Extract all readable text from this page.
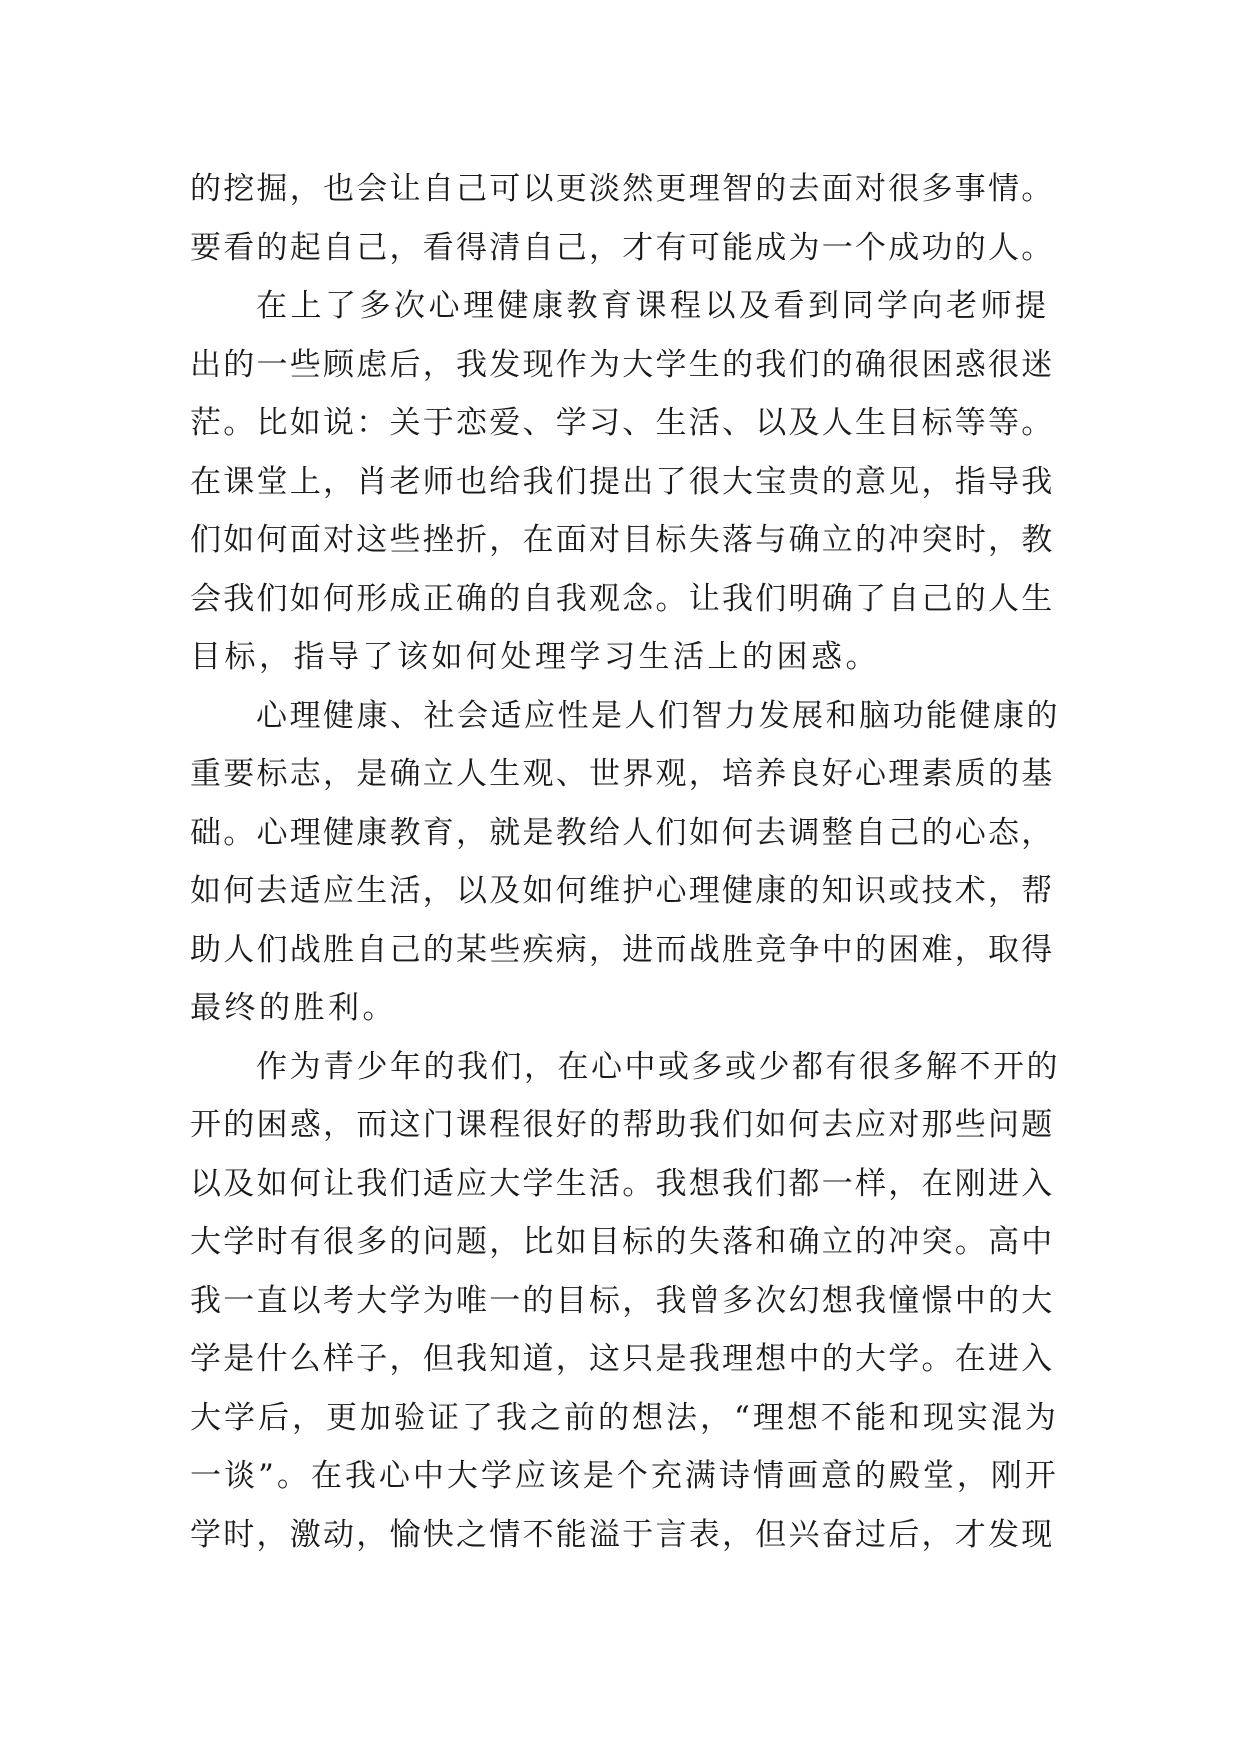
的挖掘，也会让自己可以更淡然更理智的去面对很多事情。
要看的起自己，看得清自己，才有可能成为一个成功的人。
在上了多次心理健康教育课程以及看到同学向老师提
出的一些顾虑后，我发现作为大学生的我们的确很困惑很迷
茫。比如说：关于恋爱、学习、生活、以及人生目标等等。
在课堂上，肖老师也给我们提出了很大宝贵的意见，指导我
们如何面对这些挫折，在面对目标失落与确立的冲突时，教
会我们如何形成正确的自我观念。让我们明确了自己的人生
目标，指导了该如何处理学习生活上的困惑。
心理健康、社会适应性是人们智力发展和脑功能健康的
重要标志，是确立人生观、世界观，培养良好心理素质的基
础。心理健康教育，就是教给人们如何去调整自己的心态，
如何去适应生活，以及如何维护心理健康的知识或技术，帮
助人们战胜自己的某些疾病，进而战胜竞争中的困难，取得
最终的胜利。
作为青少年的我们，在心中或多或少都有很多解不开的
开的困惑，而这门课程很好的帮助我们如何去应对那些问题
以及如何让我们适应大学生活。我想我们都一样，在刚进入
大学时有很多的问题，比如目标的失落和确立的冲突。高中
我一直以考大学为唯一的目标，我曾多次幻想我憧憬中的大
学是什么样子，但我知道，这只是我理想中的大学。在进入
大学后，更加验证了我之前的想法，“理想不能和现实混为
一谈”。在我心中大学应该是个充满诗情画意的殿堂，刚开
学时，激动，愉快之情不能溢于言表，但兴奋过后，才发现
